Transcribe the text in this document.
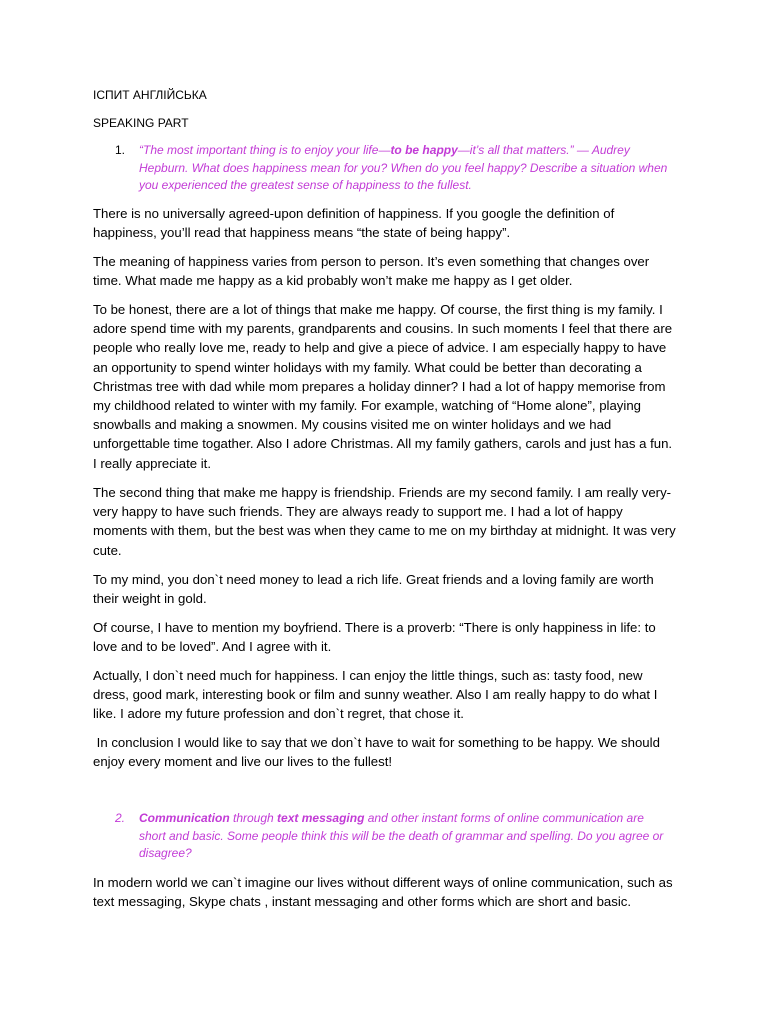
ІСПИТ АНГЛІЙСЬКА
SPEAKING PART
1.	“The most important thing is to enjoy your life—to be happy—it’s all that matters.” — Audrey Hepburn. What does happiness mean for you? When do you feel happy? Describe a situation when you experienced the greatest sense of happiness to the fullest.

There is no universally agreed-upon definition of happiness. If you google the definition of happiness, you’ll read that happiness means “the state of being happy”.

The meaning of happiness varies from person to person. It’s even something that changes over time. What made me happy as a kid probably won’t make me happy as I get older.

To be honest, there are a lot of things that make me happy. Of course, the first thing is my family. I adore spend time with my parents, grandparents and cousins. In such moments I feel that there are people who really love me, ready to help and give a piece of advice. I am especially happy to have an opportunity to spend winter holidays with my family. What could be better than decorating a Christmas tree with dad while mom prepares a holiday dinner? I had a lot of happy memorise from my childhood related to winter with my family. For example, watching of “Home alone”, playing snowballs and making a snowmen. My cousins visited me on winter holidays and we had unforgettable time togather. Also I adore Christmas. All my family gathers, carols and just has a fun. I really appreciate it.

The second thing that make me happy is friendship. Friends are my second family. I am really very-very happy to have such friends. They are always ready to support me. I had a lot of happy moments with them, but the best was when they came to me on my birthday at midnight. It was very cute.

To my mind, you don`t need money to lead a rich life. Great friends and a loving family are worth their weight in gold.

Of course, I have to mention my boyfriend. There is a proverb: “There is only happiness in life: to love and to be loved”. And I agree with it.

Actually, I don`t need much for happiness. I can enjoy the little things, such as: tasty food, new dress, good mark, interesting book or film and sunny weather. Also I am really happy to do what I like. I adore my future profession and don`t regret, that chose it.

In conclusion I would like to say that we don`t have to wait for something to be happy. We should enjoy every moment and live our lives to the fullest!

2.	Communication through text messaging and other instant forms of online communication are short and basic. Some people think this will be the death of grammar and spelling. Do you agree or disagree?

In modern world we can`t imagine our lives without different ways of online communication, such as text messaging, Skype chats , instant messaging and other forms which are short and basic.
